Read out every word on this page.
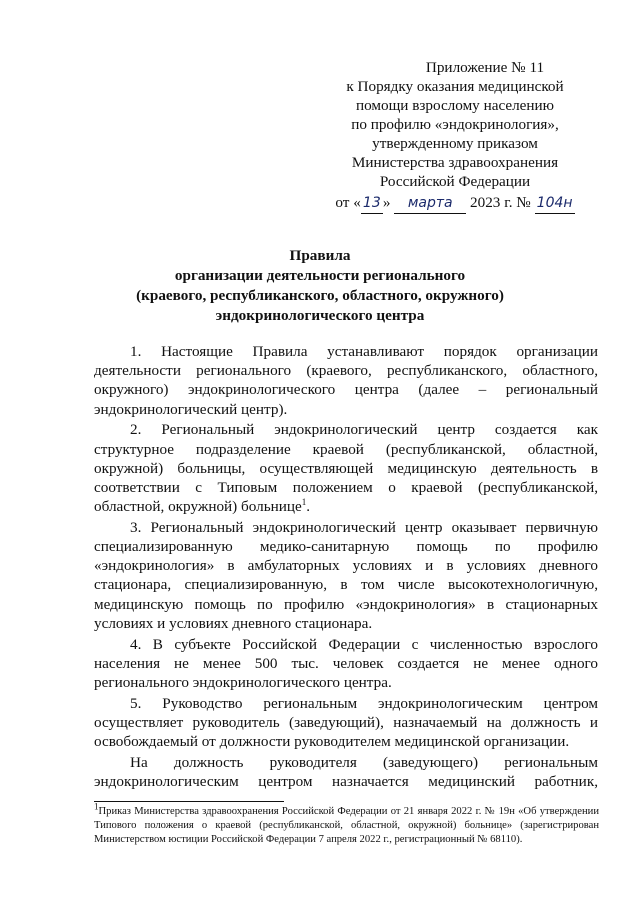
Приложение № 11
к Порядку оказания медицинской
помощи взрослому населению
по профилю «эндокринология»,
утвержденному приказом
Министерства здравоохранения
Российской Федерации
от « 13 » марта 2023 г. № 104н
Правила
организации деятельности регионального
(краевого, республиканского, областного, окружного)
эндокринологического центра

1. Настоящие Правила устанавливают порядок организации деятельности регионального (краевого, республиканского, областного, окружного) эндокринологического центра (далее – региональный эндокринологический центр).

2. Региональный эндокринологический центр создается как структурное подразделение краевой (республиканской, областной, окружной) больницы, осуществляющей медицинскую деятельность в соответствии с Типовым положением о краевой (республиканской, областной, окружной) больнице$^1$.

3. Региональный эндокринологический центр оказывает первичную специализированную медико-санитарную помощь по профилю «эндокринология» в амбулаторных условиях и в условиях дневного стационара, специализированную, в том числе высокотехнологичную, медицинскую помощь по профилю «эндокринология» в стационарных условиях и условиях дневного стационара.

4. В субъекте Российской Федерации с численностью взрослого населения не менее 500 тыс. человек создается не менее одного регионального эндокринологического центра.

5. Руководство региональным эндокринологическим центром осуществляет руководитель (заведующий), назначаемый на должность и освобождаемый от должности руководителем медицинской организации.

На должность руководителя (заведующего) региональным эндокринологическим центром назначается медицинский работник,

$^1$Приказ Министерства здравоохранения Российской Федерации от 21 января 2022 г. № 19н «Об утверждении Типового положения о краевой (республиканской, областной, окружной) больнице» (зарегистрирован Министерством юстиции Российской Федерации 7 апреля 2022 г., регистрационный № 68110).
